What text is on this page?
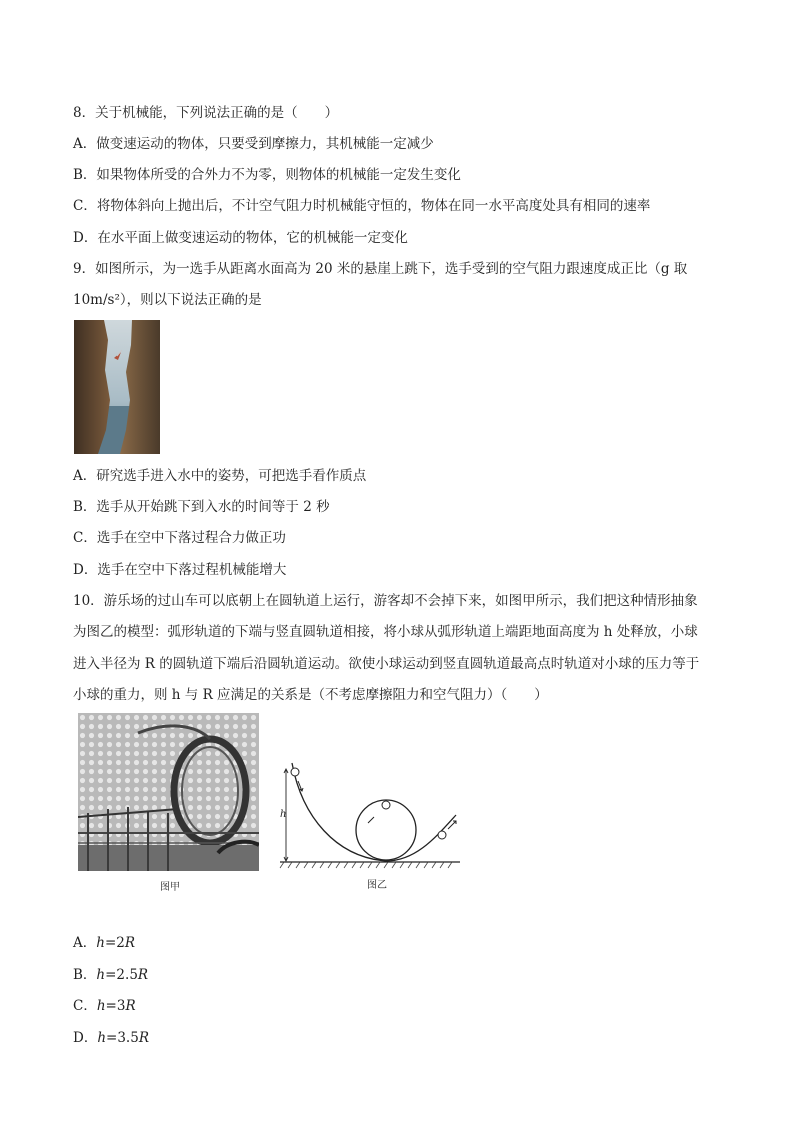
8．关于机械能，下列说法正确的是（　　）
A．做变速运动的物体，只要受到摩擦力，其机械能一定减少
B．如果物体所受的合外力不为零，则物体的机械能一定发生变化
C．将物体斜向上抛出后，不计空气阻力时机械能守恒的，物体在同一水平高度处具有相同的速率
D．在水平面上做变速运动的物体，它的机械能一定变化
9．如图所示，为一选手从距离水面高为 20 米的悬崖上跳下，选手受到的空气阻力跟速度成正比（g 取
10m/s²），则以下说法正确的是
A．研究选手进入水中的姿势，可把选手看作质点
B．选手从开始跳下到入水的时间等于 2 秒
C．选手在空中下落过程合力做正功
D．选手在空中下落过程机械能增大
10．游乐场的过山车可以底朝上在圆轨道上运行，游客却不会掉下来，如图甲所示，我们把这种情形抽象
为图乙的模型：弧形轨道的下端与竖直圆轨道相接，将小球从弧形轨道上端距地面高度为 h 处释放，小球
进入半径为 R 的圆轨道下端后沿圆轨道运动。欲使小球运动到竖直圆轨道最高点时轨道对小球的压力等于
小球的重力，则 h 与 R 应满足的关系是（不考虑摩擦阻力和空气阻力）（　　）
图甲
h
图乙
A．h=2R
B．h=2.5R
C．h=3R
D．h=3.5R
